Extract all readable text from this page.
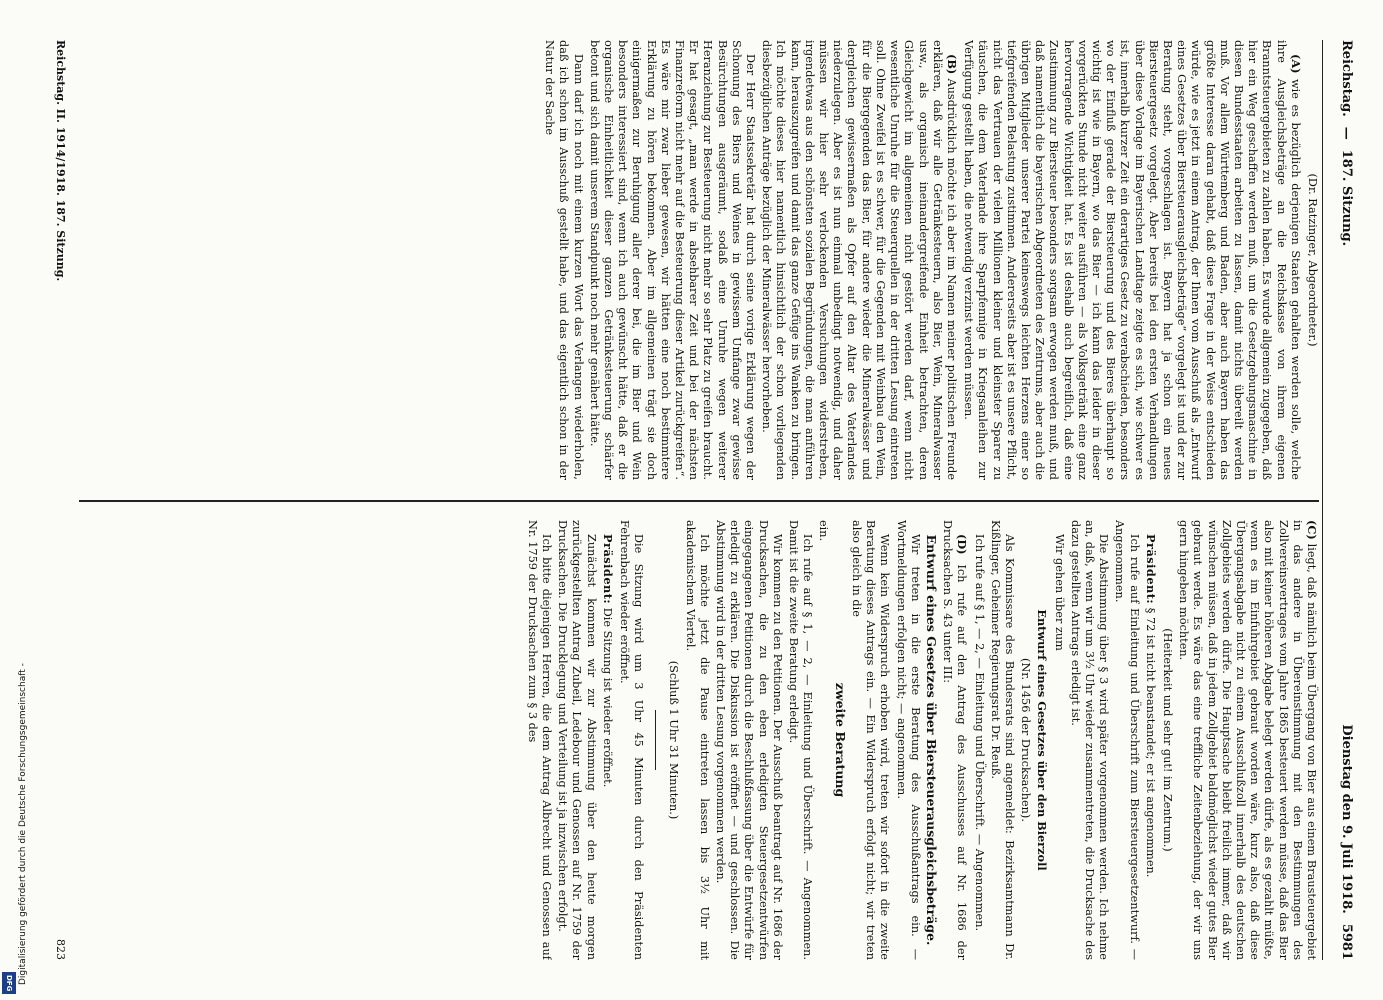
Digitalisierung gefördert durch die Deutsche Forschungsgemeinschaft -
DFG
Reichstag.
—
187. Sitzung.
Dienstag den 9. Juli 1918.
5981

(Dr. Ratzinger, Abgeordneter.)

(A) wie es bezüglich derjenigen Staaten gehalten werden solle, welche ihre Ausgleichsbeträge an die Reichskasse von ihrem eigenen Branntsteuergebieten zu zahlen haben. Es wurde allgemein zugegeben, daß hier ein Weg geschaffen werden muß, um die Gesetzgebungsmaschine in diesen Bundesstaaten arbeiten zu lassen, damit nichts übereilt werden muß. Vor allem Württemberg und Baden, aber auch Bayern haben das größte Interesse daran gehabt, daß diese Frage in der Weise entschieden würde, wie es jetzt in einem Antrag, der Ihnen vom Ausschuß als „Entwurf eines Gesetzes über Biersteuerausgleichsbeträge“ vorgelegt ist und der zur Beratung steht, vorgeschlagen ist. Bayern hat ja schon ein neues Biersteuergesetz vorgelegt. Aber bereits bei den ersten Verhandlungen über diese Vorlage im Bayerischen Landtage zeigte es sich, wie schwer es ist, innerhalb kurzer Zeit ein derartiges Gesetz zu verabschieden, besonders wo der Einfluß gerade der Biersteuerung und des Bieres überhaupt so wichtig ist wie in Bayern, wo das Bier — ich kann das leider in dieser vorgerückten Stunde nicht weiter ausführen — als Volksgetränk eine ganz hervorragende Wichtigkeit hat. Es ist deshalb auch begreiflich, daß eine Zustimmung zur Biersteuer besonders sorgsam erwogen werden muß, und daß namentlich die bayerischen Abgeordneten des Zentrums, aber auch die übrigen Mitglieder unserer Partei keineswegs leichten Herzens einer so tiefgreifenden Belastung zustimmen. Andererseits aber ist es unsere Pflicht, nicht das Vertrauen der vielen Millionen kleiner und kleinster Sparer zu täuschen, die dem Vaterlande ihre Sparpfennige in Kriegsanleihen zur Verfügung gestellt haben, die notwendig verzinst werden müssen.

(B) Ausdrücklich möchte ich aber im Namen meiner politischen Freunde erklären, daß wir alle Getränkesteuern, also Bier, Wein, Mineralwasser usw., als organisch ineinandergreifende Einheit betrachten, deren Gleichgewicht im allgemeinen nicht gestört werden darf, wenn nicht wesentliche Unruhe für die Steuerquellen in der dritten Lesung eintreten soll. Ohne Zweifel ist es schwer, für die Gegenden mit Weinbau den Wein, für die Biergegenden das Bier, für andere wieder die Mineralwässer und dergleichen gewissermaßen als Opfer auf den Altar des Vaterlandes niederzulegen. Aber es ist nun einmal unbedingt notwendig, und daher müssen wir hier sehr verlockenden Versuchungen widerstreben, irgendetwas aus den schönsten sozialen Begründungen, die man anführen kann, herauszugreifen und damit das ganze Gefüge ins Wanken zu bringen. Ich möchte dieses hier namentlich hinsichtlich der schon vorliegenden diesbezüglichen Anträge bezüglich der Mineralwässer hervorheben.

Der Herr Staatssekretär hat durch seine vorige Erklärung wegen der Schonung des Biers und Weines in gewissem Umfange zwar gewisse Besürchtungen ausgeräumt, sodaß eine Unruhe wegen weiterer Heranziehung zur Besteuerung nicht mehr so sehr Platz zu greifen braucht. Er hat gesagt, „man werde in absehbarer Zeit und bei der nächsten Finanzreform nicht mehr auf die Besteuerung dieser Artikel zurückgreifen“. Es wäre mir zwar lieber gewesen, wir hätten eine noch bestimmtere Erklärung zu hören bekommen. Aber im allgemeinen trägt sie doch einigermaßen zur Beruhigung aller derer bei, die im Bier und Wein besonders interessiert sind, wenn ich auch gewünscht hätte, daß er die organische Einheitlichkeit dieser ganzen Getränkesteuerung schärfer betont und sich damit unserem Standpunkt noch mehr genähert hätte.

Dann darf ich noch mit einem kurzen Wort das Verlangen wiederholen, daß ich schon im Ausschuß gestellt habe, und das eigentlich schon in der Natur der Sache

(C) liegt, daß nämlich beim Übergang von Bier aus einem Brausteuergebiet in das andere in Übereinstimmung mit den Bestimmungen des Zollvereinsvertrages vom Jahre 1865 besteuert werden müsse, daß das Bier also mit keiner höheren Abgabe belegt werden dürfe, als es gezahlt müßte, wenn es im Einfuhrgebiet gebraut worden wäre, kurz also, daß diese Übergangsabgabe nicht zu einem Ausschlußzoll innerhalb des deutschen Zollgebiets werden dürfe. Die Hauptsache bleibt freilich immer, daß wir wünschen müssen, daß in jedem Zollgebiet baldmöglichst wieder gutes Bier gebraut werde. Es wäre das eine treffliche Zeitenbeziehung, der wir uns gern hingeben möchten.

(Heiterkeit und sehr gut! im Zentrum.)

Präsident: § 72 ist nicht beanstandet; er ist angenommen.

Ich rufe auf Einleitung und Überschrift zum Biersteuergesetzentwurf. — Angenommen.

Die Abstimmung über § 3 wird später vorgenommen werden. Ich nehme an, daß, wenn wir um 3½ Uhr wieder zusammentreten, die Drucksache des dazu gestellten Antrags erledigt ist.

Wir gehen über zum

Entwurf eines Gesetzes über den Bierzoll

(Nr. 1456 der Drucksachen).

Als Kommissare des Bundesrats sind angemeldet: Bezirksamtmann Dr. Kißlinger, Geheimer Regierungsrat Dr. Reuß.

Ich rufe auf § 1, — 2, — Einleitung und Überschrift. — Angenommen.

(D) Ich rufe auf den Antrag des Ausschusses auf Nr. 1686 der Drucksachen S. 43 unter III:

Entwurf eines Gesetzes über Biersteuerausgleichsbeträge.

Wir treten in die erste Beratung des Ausschußantrags ein. — Wortmeldungen erfolgen nicht; — angenommen.

Wenn kein Widerspruch erhoben wird, treten wir sofort in die zweite Beratung dieses Antrags ein. — Ein Widerspruch erfolgt nicht; wir treten also gleich in die

zweite Beratung

ein.

Ich rufe auf § 1, — 2, — Einleitung und Überschrift. — Angenommen. Damit ist die zweite Beratung erledigt.

Wir kommen zu den Petitionen. Der Ausschuß beantragt auf Nr. 1686 der Drucksachen, die zu den eben erledigten Steuergesetzentwürfen eingegangenen Petitionen durch die Beschlußfassung über die Entwürfe für erledigt zu erklären. Die Diskussion ist eröffnet — und geschlossen. Die Abstimmung wird in der dritten Lesung vorgenommen werden.

Ich möchte jetzt die Pause eintreten lassen bis 3½ Uhr mit akademischem Viertel.

(Schluß 1 Uhr 31 Minuten.)

Die Sitzung wird um 3 Uhr 45 Minuten durch den Präsidenten Fehrenbach wieder eröffnet.

Präsident: Die Sitzung ist wieder eröffnet.

Zunächst kommen wir zur Abstimmung über den heute morgen zurückgestellten Antrag Zubeil, Ledebour und Genossen auf Nr. 1759 der Drucksachen. Die Drucklegung und Verteilung ist ja inzwischen erfolgt.

Ich bitte diejenigen Herren, die dem Antrag Albrecht und Genossen auf Nr. 1759 der Drucksachen zum § 3 des

Reichstag. II. 1914/1918. 187. Sitzung.
823
